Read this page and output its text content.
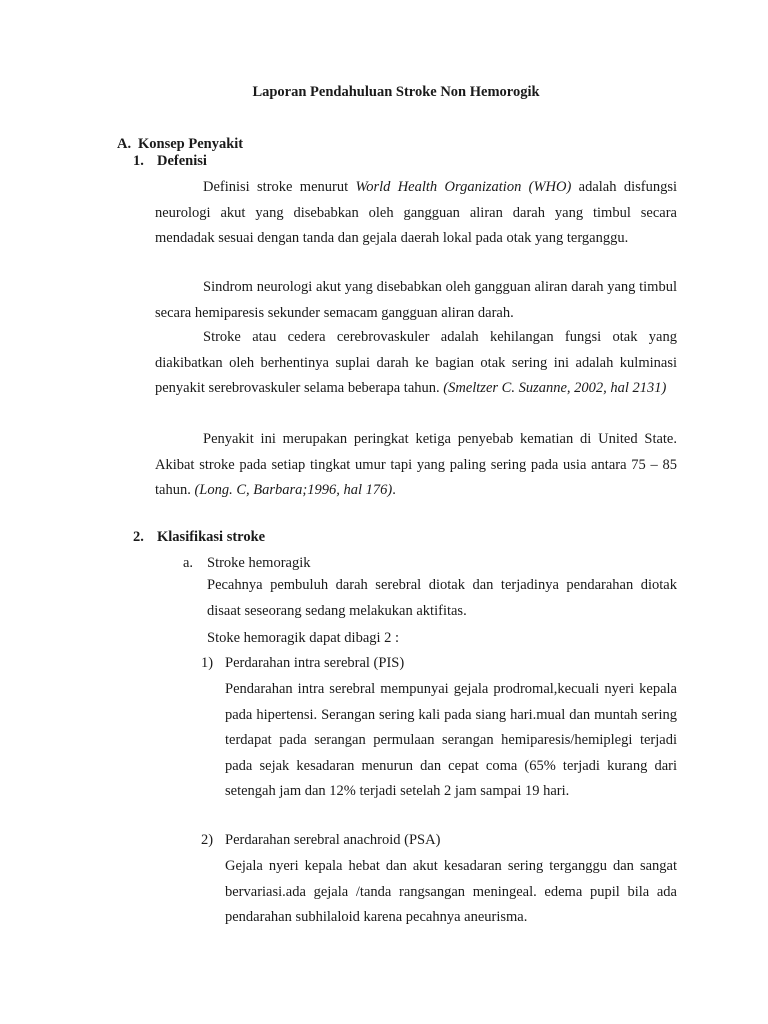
Laporan Pendahuluan Stroke Non Hemorogik
A. Konsep Penyakit
1. Defenisi

Definisi stroke menurut World Health Organization (WHO) adalah disfungsi neurologi akut yang disebabkan oleh gangguan aliran darah yang timbul secara mendadak sesuai dengan tanda dan gejala daerah lokal pada otak yang terganggu.

Sindrom neurologi akut yang disebabkan oleh gangguan aliran darah yang timbul secara hemiparesis sekunder semacam gangguan aliran darah.

Stroke atau cedera cerebrovaskuler adalah kehilangan fungsi otak yang diakibatkan oleh berhentinya suplai darah ke bagian otak sering ini adalah kulminasi penyakit serebrovaskuler selama beberapa tahun. (Smeltzer C. Suzanne, 2002, hal 2131)

Penyakit ini merupakan peringkat ketiga penyebab kematian di United State. Akibat stroke pada setiap tingkat umur tapi yang paling sering pada usia antara 75 – 85 tahun. (Long. C, Barbara;1996, hal 176).

2. Klasifikasi stroke
a. Stroke hemoragik

Pecahnya pembuluh darah serebral diotak dan terjadinya pendarahan diotak disaat seseorang sedang melakukan aktifitas.

Stoke hemoragik dapat dibagi 2 :
1) Perdarahan intra serebral (PIS)

Pendarahan intra serebral mempunyai gejala prodromal,kecuali nyeri kepala pada hipertensi. Serangan sering kali pada siang hari.mual dan muntah sering terdapat pada serangan permulaan serangan hemiparesis/hemiplegi terjadi pada sejak kesadaran menurun dan cepat coma (65% terjadi kurang dari setengah jam dan 12% terjadi setelah 2 jam sampai 19 hari.

2) Perdarahan serebral anachroid (PSA)

Gejala nyeri kepala hebat dan akut kesadaran sering terganggu dan sangat bervariasi.ada gejala /tanda rangsangan meningeal. edema pupil bila ada pendarahan subhilaloid karena pecahnya aneurisma.
